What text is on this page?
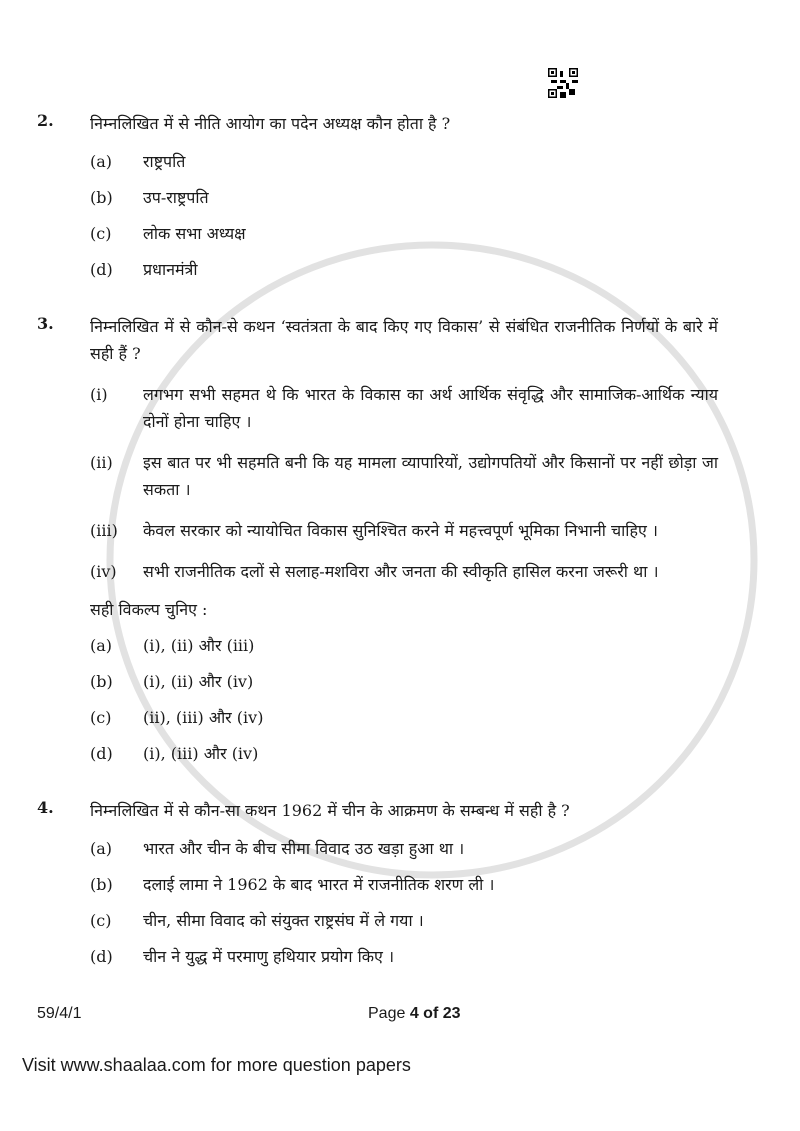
2.	निम्नलिखित में से नीति आयोग का पदेन अध्यक्ष कौन होता है ?
(a)	राष्ट्रपति
(b)	उप-राष्ट्रपति
(c)	लोक सभा अध्यक्ष
(d)	प्रधानमंत्री
3.	निम्नलिखित में से कौन-से कथन ‘स्वतंत्रता के बाद किए गए विकास’ से संबंधित राजनीतिक निर्णयों के बारे में सही हैं ?
(i)	लगभग सभी सहमत थे कि भारत के विकास का अर्थ आर्थिक संवृद्धि और सामाजिक-आर्थिक न्याय दोनों होना चाहिए ।
(ii)	इस बात पर भी सहमति बनी कि यह मामला व्यापारियों, उद्योगपतियों और किसानों पर नहीं छोड़ा जा सकता ।
(iii)	केवल सरकार को न्यायोचित विकास सुनिश्चित करने में महत्त्वपूर्ण भूमिका निभानी चाहिए ।
(iv)	सभी राजनीतिक दलों से सलाह-मशविरा और जनता की स्वीकृति हासिल करना जरूरी था ।
सही विकल्प चुनिए :
(a)	(i), (ii) और (iii)
(b)	(i), (ii) और (iv)
(c)	(ii), (iii) और (iv)
(d)	(i), (iii) और (iv)
4.	निम्नलिखित में से कौन-सा कथन 1962 में चीन के आक्रमण के सम्बन्ध में सही है ?
(a)	भारत और चीन के बीच सीमा विवाद उठ खड़ा हुआ था ।
(b)	दलाई लामा ने 1962 के बाद भारत में राजनीतिक शरण ली ।
(c)	चीन, सीमा विवाद को संयुक्त राष्ट्रसंघ में ले गया ।
(d)	चीन ने युद्ध में परमाणु हथियार प्रयोग किए ।
59/4/1	Page 4 of 23
Visit www.shaalaa.com for more question papers
